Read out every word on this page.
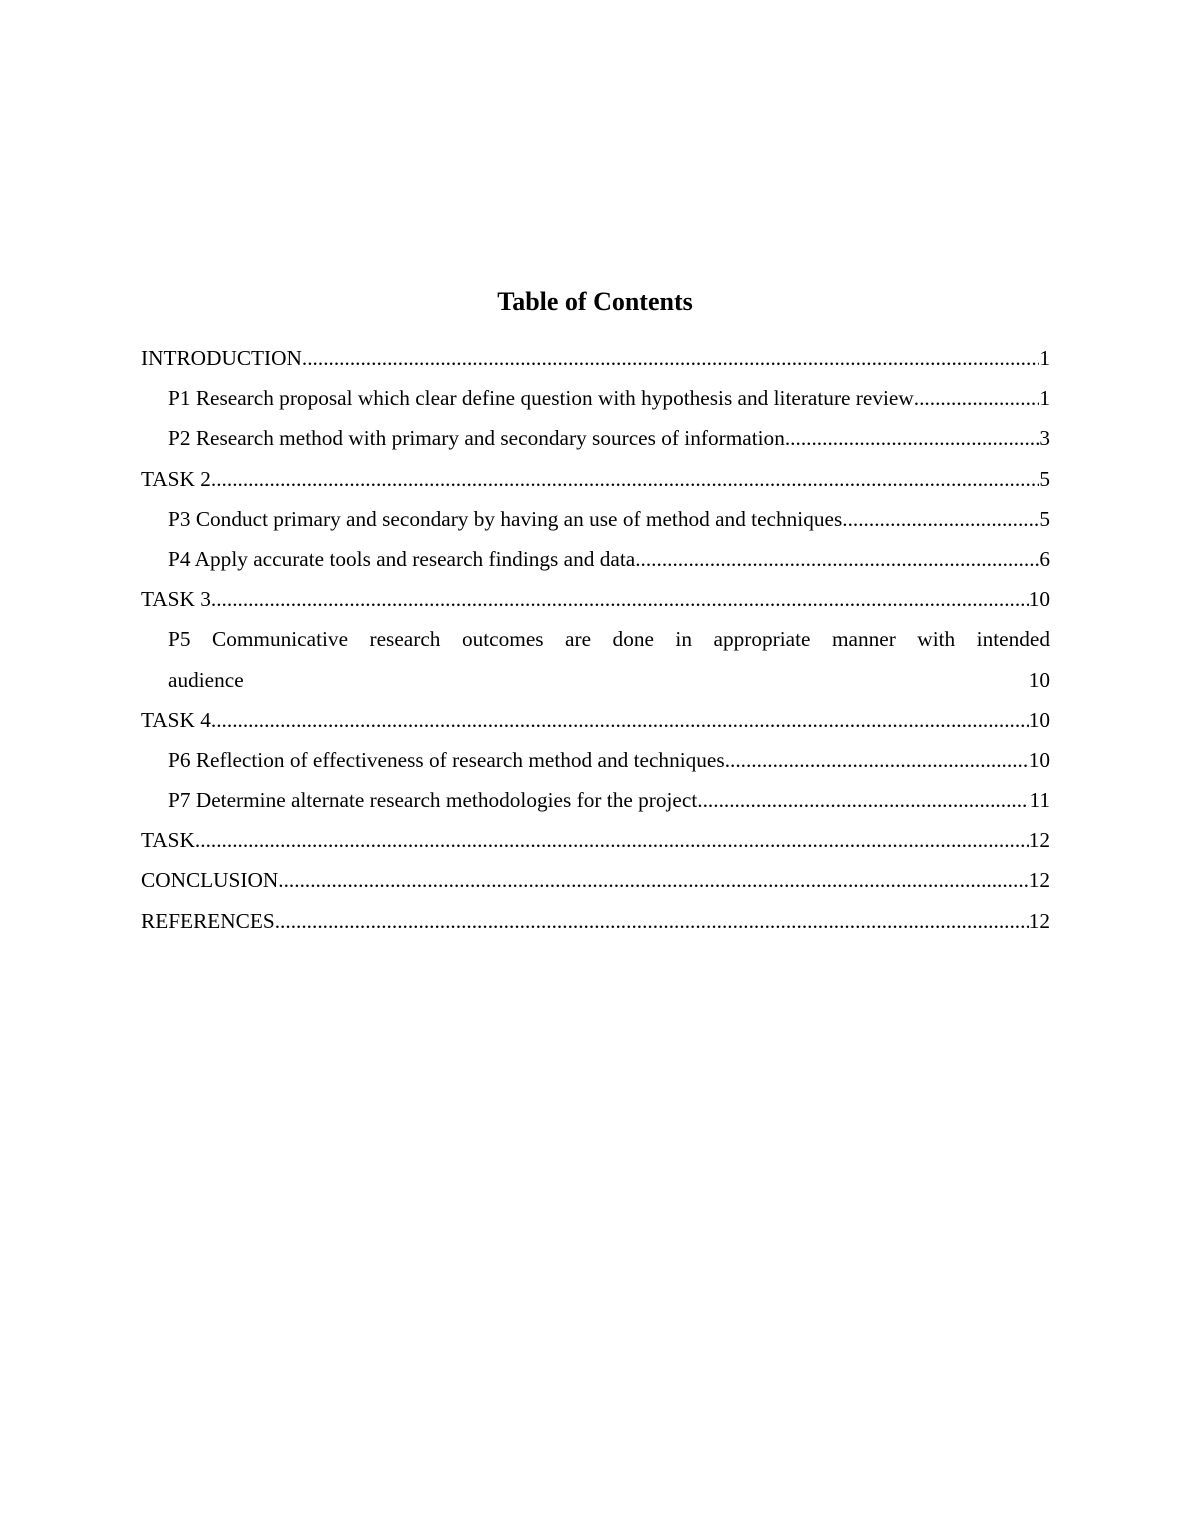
Table of Contents
INTRODUCTION .....	1
P1 Research proposal which clear define question with hypothesis and literature review .....	1
P2 Research method with primary and secondary sources of information .....	3
TASK 2 .....	5
P3 Conduct primary and secondary by having an use of method and techniques .....	5
P4 Apply accurate tools and research findings and data .....	6
TASK 3 .....	10
P5 Communicative research outcomes are done in appropriate manner with intended
audience	10
TASK 4 .....	10
P6 Reflection of effectiveness of research method and techniques .....	10
P7 Determine alternate research methodologies for the project .....	11
TASK .....	12
CONCLUSION .....	12
REFERENCES .....	12
